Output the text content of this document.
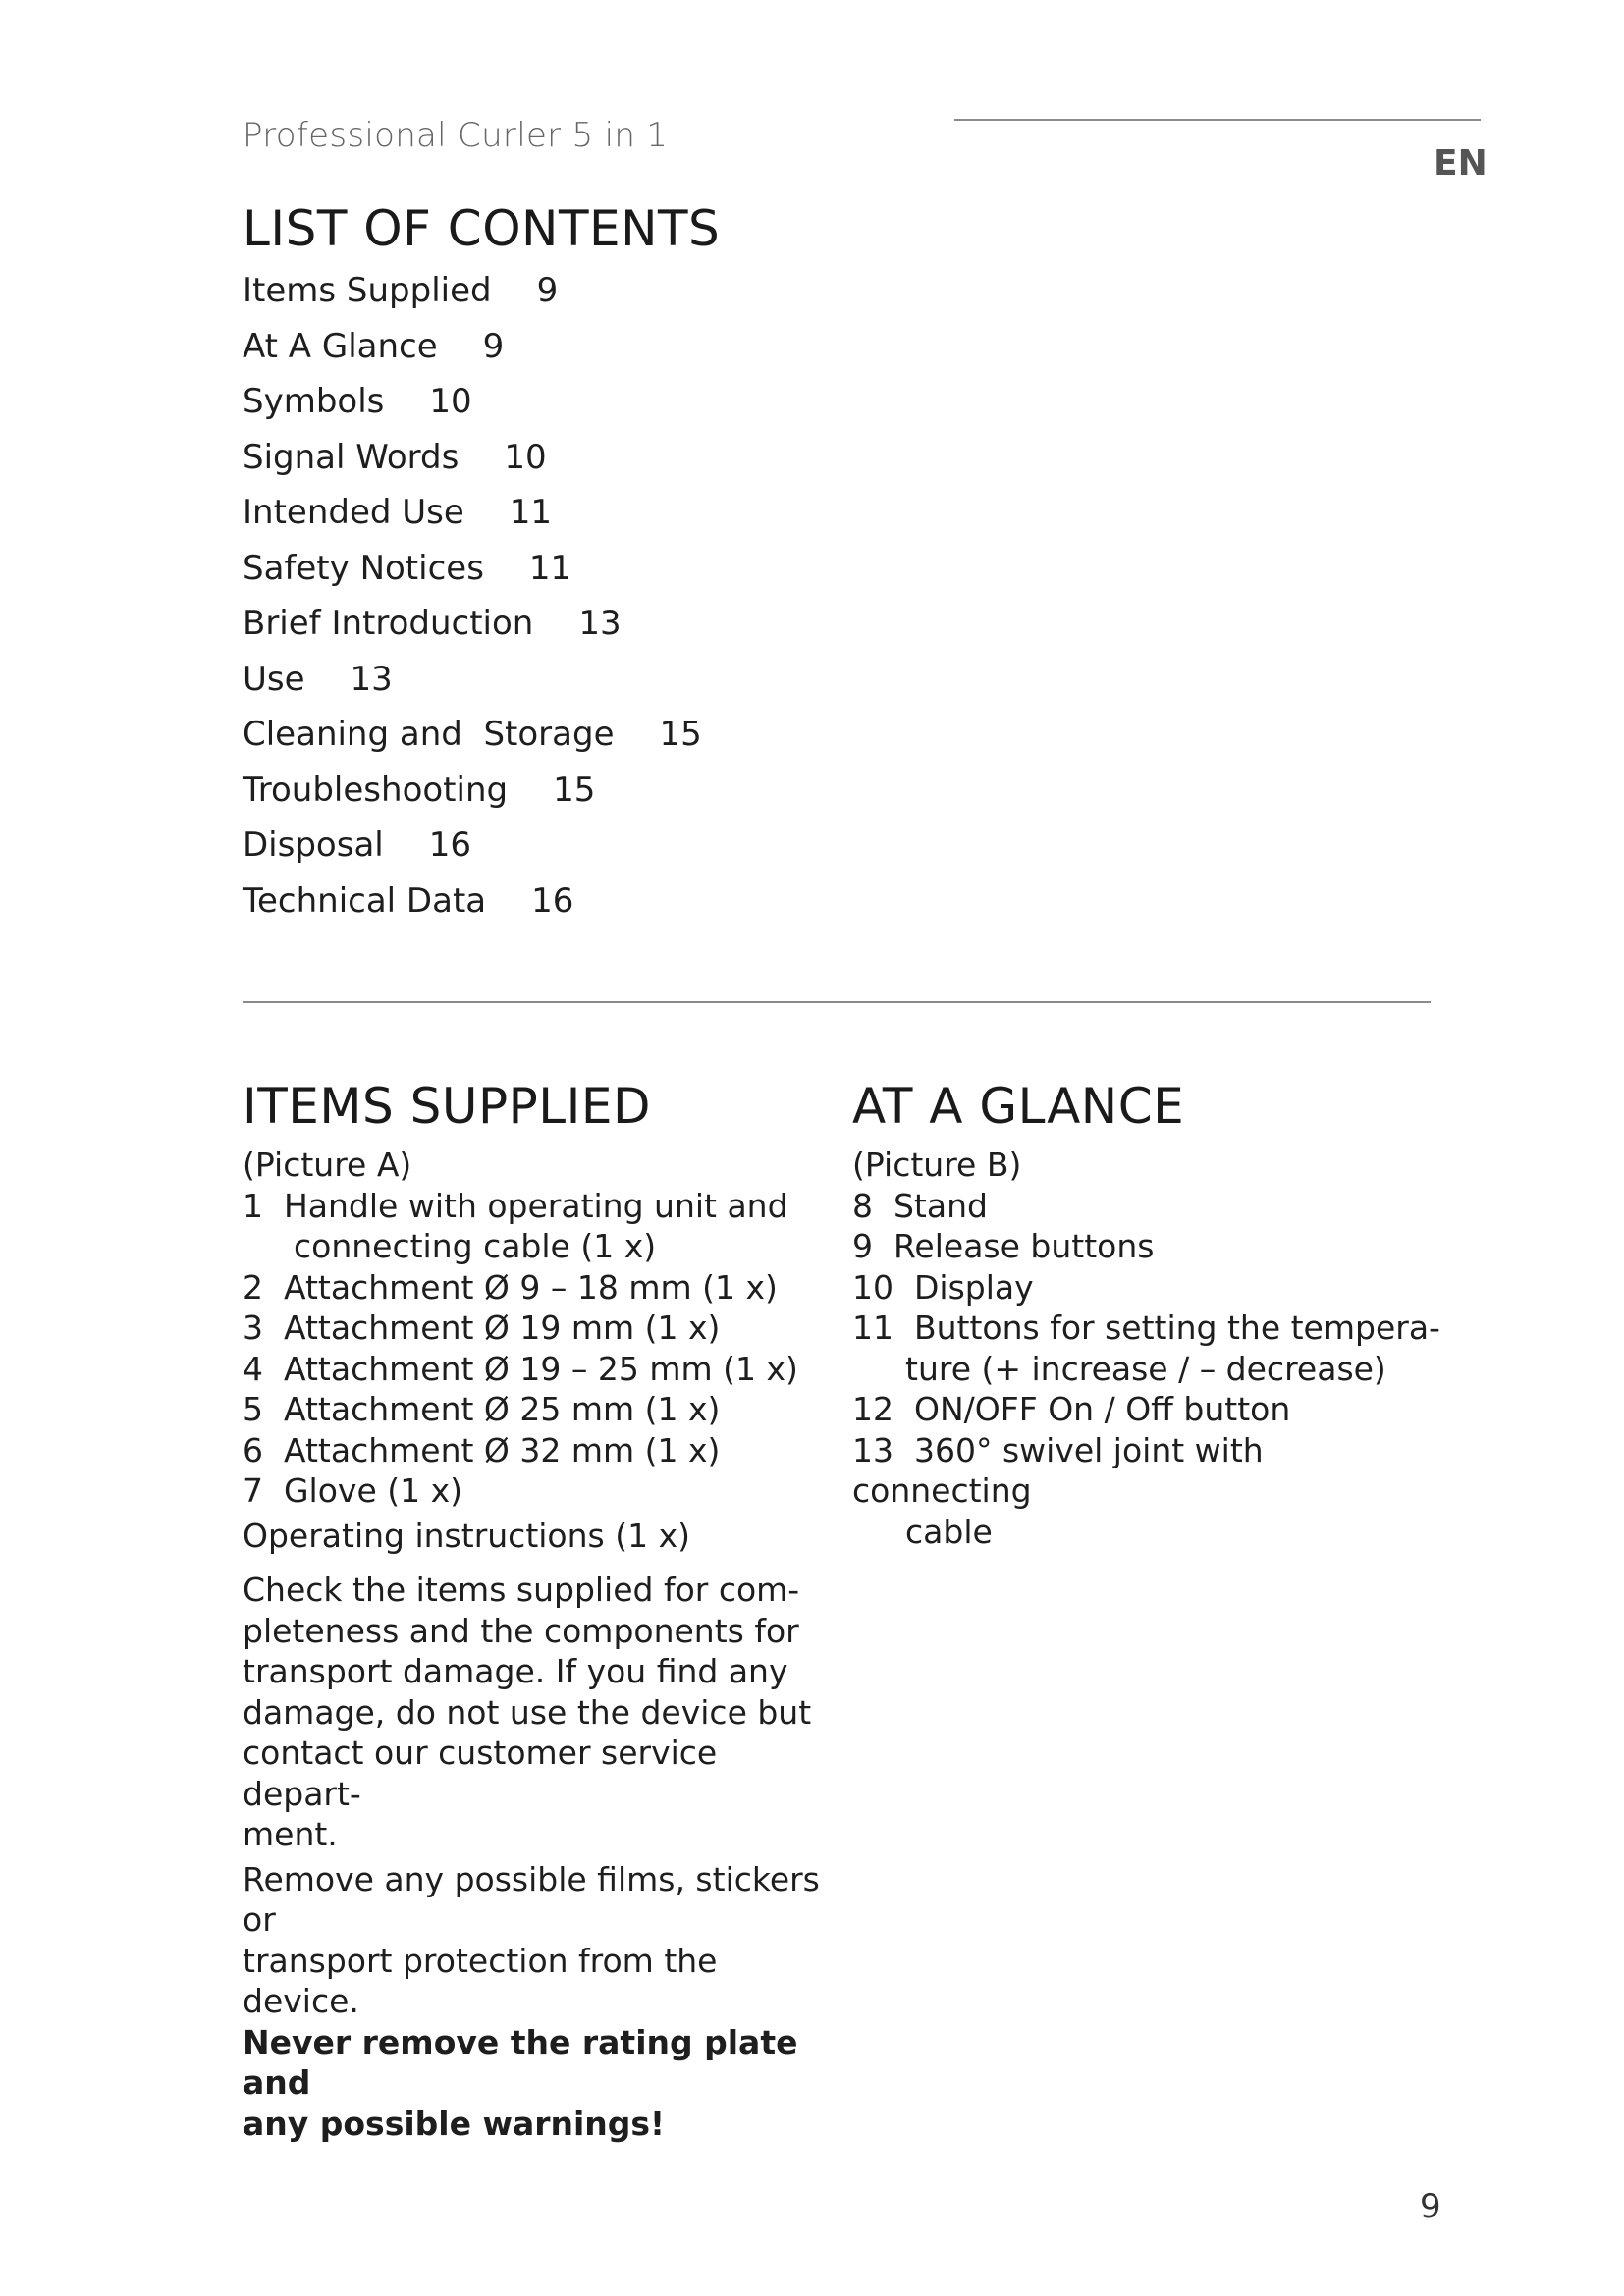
Professional Curler 5 in 1
EN
LIST OF CONTENTS
Items Supplied 9
At A Glance 9
Symbols 10
Signal Words 10
Intended Use 11
Safety Notices 11
Brief Introduction 13
Use 13
Cleaning and  Storage 15
Troubleshooting 15
Disposal 16
Technical Data 16
ITEMS SUPPLIED

(Picture A)

1 Handle with operating unit and
connecting cable (1 x)
2 Attachment Ø 9 – 18 mm (1 x)
3 Attachment Ø 19 mm (1 x)
4 Attachment Ø 19 – 25 mm (1 x)
5 Attachment Ø 25 mm (1 x)
6 Attachment Ø 32 mm (1 x)
7 Glove (1 x)

Operating instructions (1 x)

Check the items supplied for com-
pleteness and the components for
transport damage. If you find any
damage, do not use the device but
contact our customer service depart-
ment.

Remove any possible films, stickers or
transport protection from the device.

Never remove the rating plate and
any possible warnings!

AT A GLANCE

(Picture B)

8 Stand
9 Release buttons
10 Display
11 Buttons for setting the tempera-
ture (+ increase / – decrease)
12 ON/OFF On / Off button
13 360° swivel joint with connecting
cable
9
